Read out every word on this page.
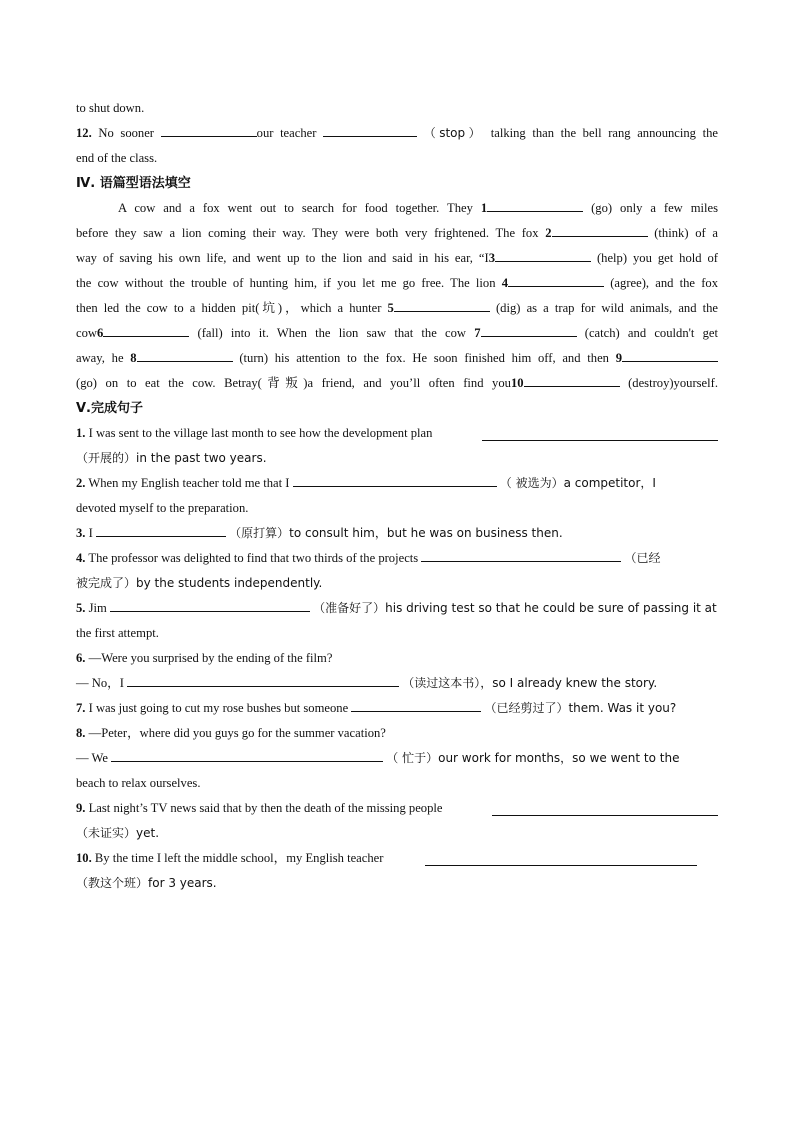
to shut down.
12. No sooner	our teacher	（stop） talking than the bell rang announcing the
end of the class.
Ⅳ. 语篇型语法填空
A cow and a fox went out to search for food together. They 1	(go) only a few miles
before they saw a lion coming their way. They were both very frightened. The fox 2	(think) of a
way of saving his own life, and went up to the lion and said in his ear, “I3	(help) you get hold of
the cow without the trouble of hunting him, if you let me go free. The lion 4	(agree), and the fox
then led the cow to a hidden pit(坑)，which a hunter 5	(dig) as a trap for wild animals, and the
cow6	(fall) into it. When the lion saw that the cow 7	(catch) and couldn't get
away, he 8	(turn) his attention to the fox. He soon finished him off, and then 9
(go) on to eat the cow. Betray(背叛)a friend, and you’ll often find you10	(destroy)yourself.
Ⅴ.完成句子
1. I was sent to the village last month to see how the development plan
（开展的）in the past two years.
2. When my English teacher told me that I	（ 被选为）a competitor，I
devoted myself to the preparation.
3. I	（原打算）to consult him，but he was on business then.
4. The professor was delighted to find that two thirds of the projects	（已经
被完成了）by the students independently.
5. Jim	（准备好了）his driving test so that he could be sure of passing it at
the first attempt.
6. —Were you surprised by the ending of the film?
— No，I	（读过这本书），so I already knew the story.
7. I was just going to cut my rose bushes but someone	（已经剪过了）them. Was it you?
8. —Peter，where did you guys go for the summer vacation?
— We	（ 忙于）our work for months，so we went to the
beach to relax ourselves.
9. Last night’s TV news said that by then the death of the missing people
（未证实）yet.
10. By the time I left the middle school，my English teacher
（教这个班）for 3 years.
